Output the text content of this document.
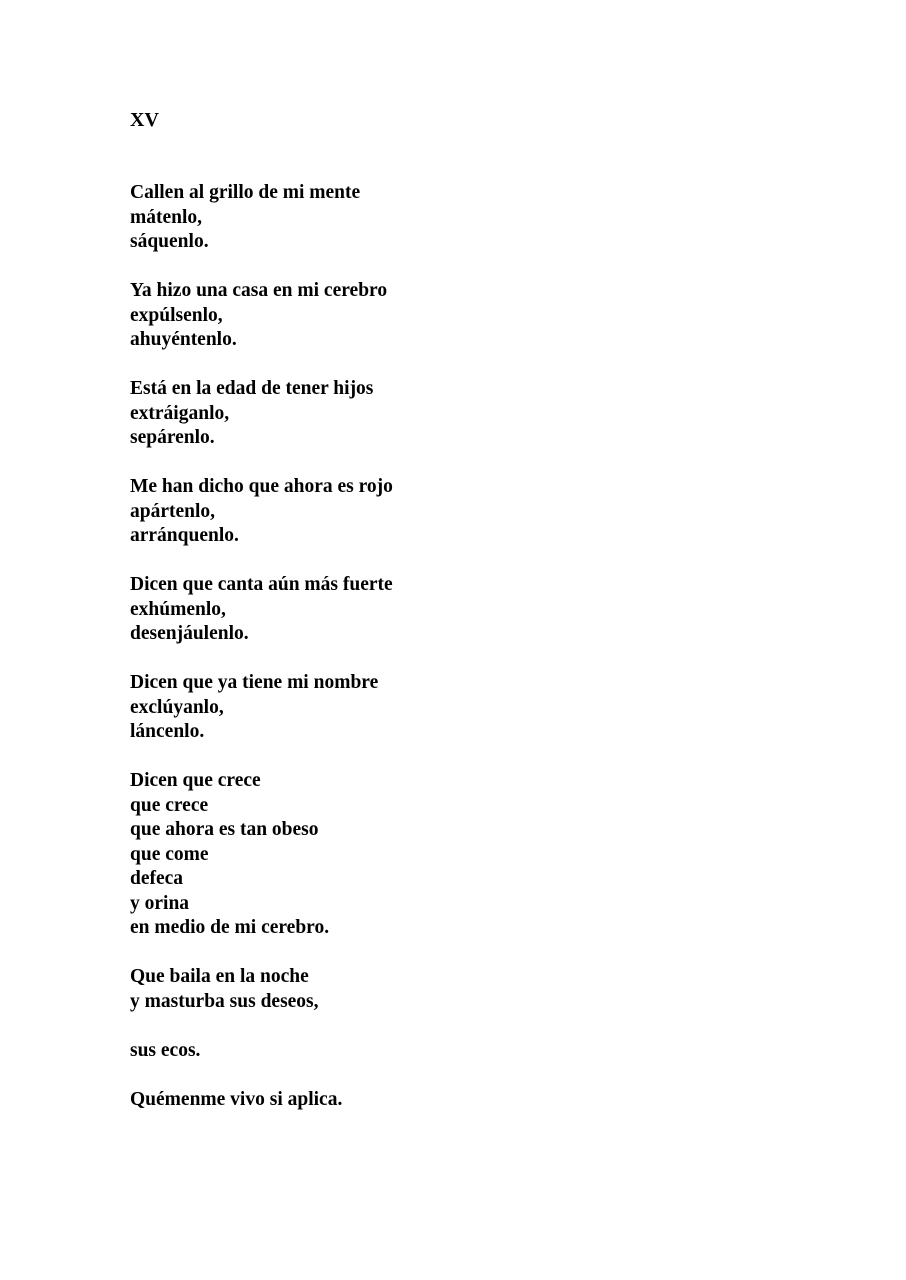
XV
Callen al grillo de mi mente
mátenlo,
sáquenlo.
Ya hizo una casa en mi cerebro
expúlsenlo,
ahuyéntenlo.
Está en la edad de tener hijos
extráiganlo,
sepárenlo.
Me han dicho que ahora es rojo
apártenlo,
arránquenlo.
Dicen que canta aún más fuerte
exhúmenlo,
desenjáulenlo.
Dicen que ya tiene mi nombre
exclúyanlo,
láncenlo.
Dicen que crece
que crece
que ahora es tan obeso
que come
defeca
y orina
en medio de mi cerebro.
Que baila en la noche
y masturba sus deseos,
sus ecos.
Quémenme vivo si aplica.
